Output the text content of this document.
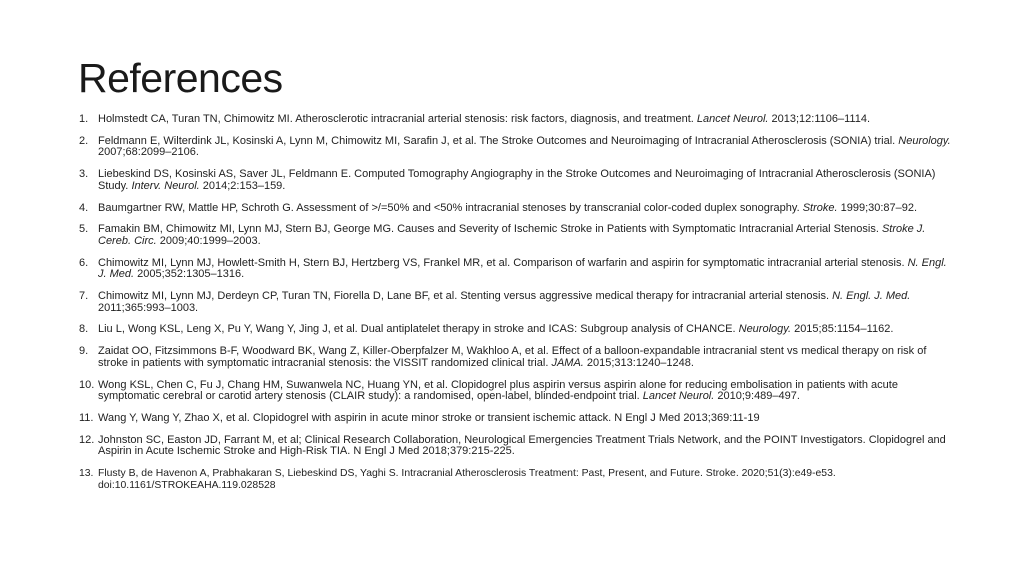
References
1. Holmstedt CA, Turan TN, Chimowitz MI. Atherosclerotic intracranial arterial stenosis: risk factors, diagnosis, and treatment. Lancet Neurol. 2013;12:1106–1114.
2. Feldmann E, Wilterdink JL, Kosinski A, Lynn M, Chimowitz MI, Sarafin J, et al. The Stroke Outcomes and Neuroimaging of Intracranial Atherosclerosis (SONIA) trial. Neurology. 2007;68:2099–2106.
3. Liebeskind DS, Kosinski AS, Saver JL, Feldmann E. Computed Tomography Angiography in the Stroke Outcomes and Neuroimaging of Intracranial Atherosclerosis (SONIA) Study. Interv. Neurol. 2014;2:153–159.
4. Baumgartner RW, Mattle HP, Schroth G. Assessment of >/=50% and <50% intracranial stenoses by transcranial color-coded duplex sonography. Stroke. 1999;30:87–92.
5. Famakin BM, Chimowitz MI, Lynn MJ, Stern BJ, George MG. Causes and Severity of Ischemic Stroke in Patients with Symptomatic Intracranial Arterial Stenosis. Stroke J. Cereb. Circ. 2009;40:1999–2003.
6. Chimowitz MI, Lynn MJ, Howlett-Smith H, Stern BJ, Hertzberg VS, Frankel MR, et al. Comparison of warfarin and aspirin for symptomatic intracranial arterial stenosis. N. Engl. J. Med. 2005;352:1305–1316.
7. Chimowitz MI, Lynn MJ, Derdeyn CP, Turan TN, Fiorella D, Lane BF, et al. Stenting versus aggressive medical therapy for intracranial arterial stenosis. N. Engl. J. Med. 2011;365:993–1003.
8. Liu L, Wong KSL, Leng X, Pu Y, Wang Y, Jing J, et al. Dual antiplatelet therapy in stroke and ICAS: Subgroup analysis of CHANCE. Neurology. 2015;85:1154–1162.
9. Zaidat OO, Fitzsimmons B-F, Woodward BK, Wang Z, Killer-Oberpfalzer M, Wakhloo A, et al. Effect of a balloon-expandable intracranial stent vs medical therapy on risk of stroke in patients with symptomatic intracranial stenosis: the VISSIT randomized clinical trial. JAMA. 2015;313:1240–1248.
10. Wong KSL, Chen C, Fu J, Chang HM, Suwanwela NC, Huang YN, et al. Clopidogrel plus aspirin versus aspirin alone for reducing embolisation in patients with acute symptomatic cerebral or carotid artery stenosis (CLAIR study): a randomised, open-label, blinded-endpoint trial. Lancet Neurol. 2010;9:489–497.
11. Wang Y, Wang Y, Zhao X, et al. Clopidogrel with aspirin in acute minor stroke or transient ischemic attack. N Engl J Med 2013;369:11-19
12. Johnston SC, Easton JD, Farrant M, et al; Clinical Research Collaboration, Neurological Emergencies Treatment Trials Network, and the POINT Investigators. Clopidogrel and Aspirin in Acute Ischemic Stroke and High-Risk TIA. N Engl J Med 2018;379:215-225.
13. Flusty B, de Havenon A, Prabhakaran S, Liebeskind DS, Yaghi S. Intracranial Atherosclerosis Treatment: Past, Present, and Future. Stroke. 2020;51(3):e49-e53. doi:10.1161/STROKEAHA.119.028528
